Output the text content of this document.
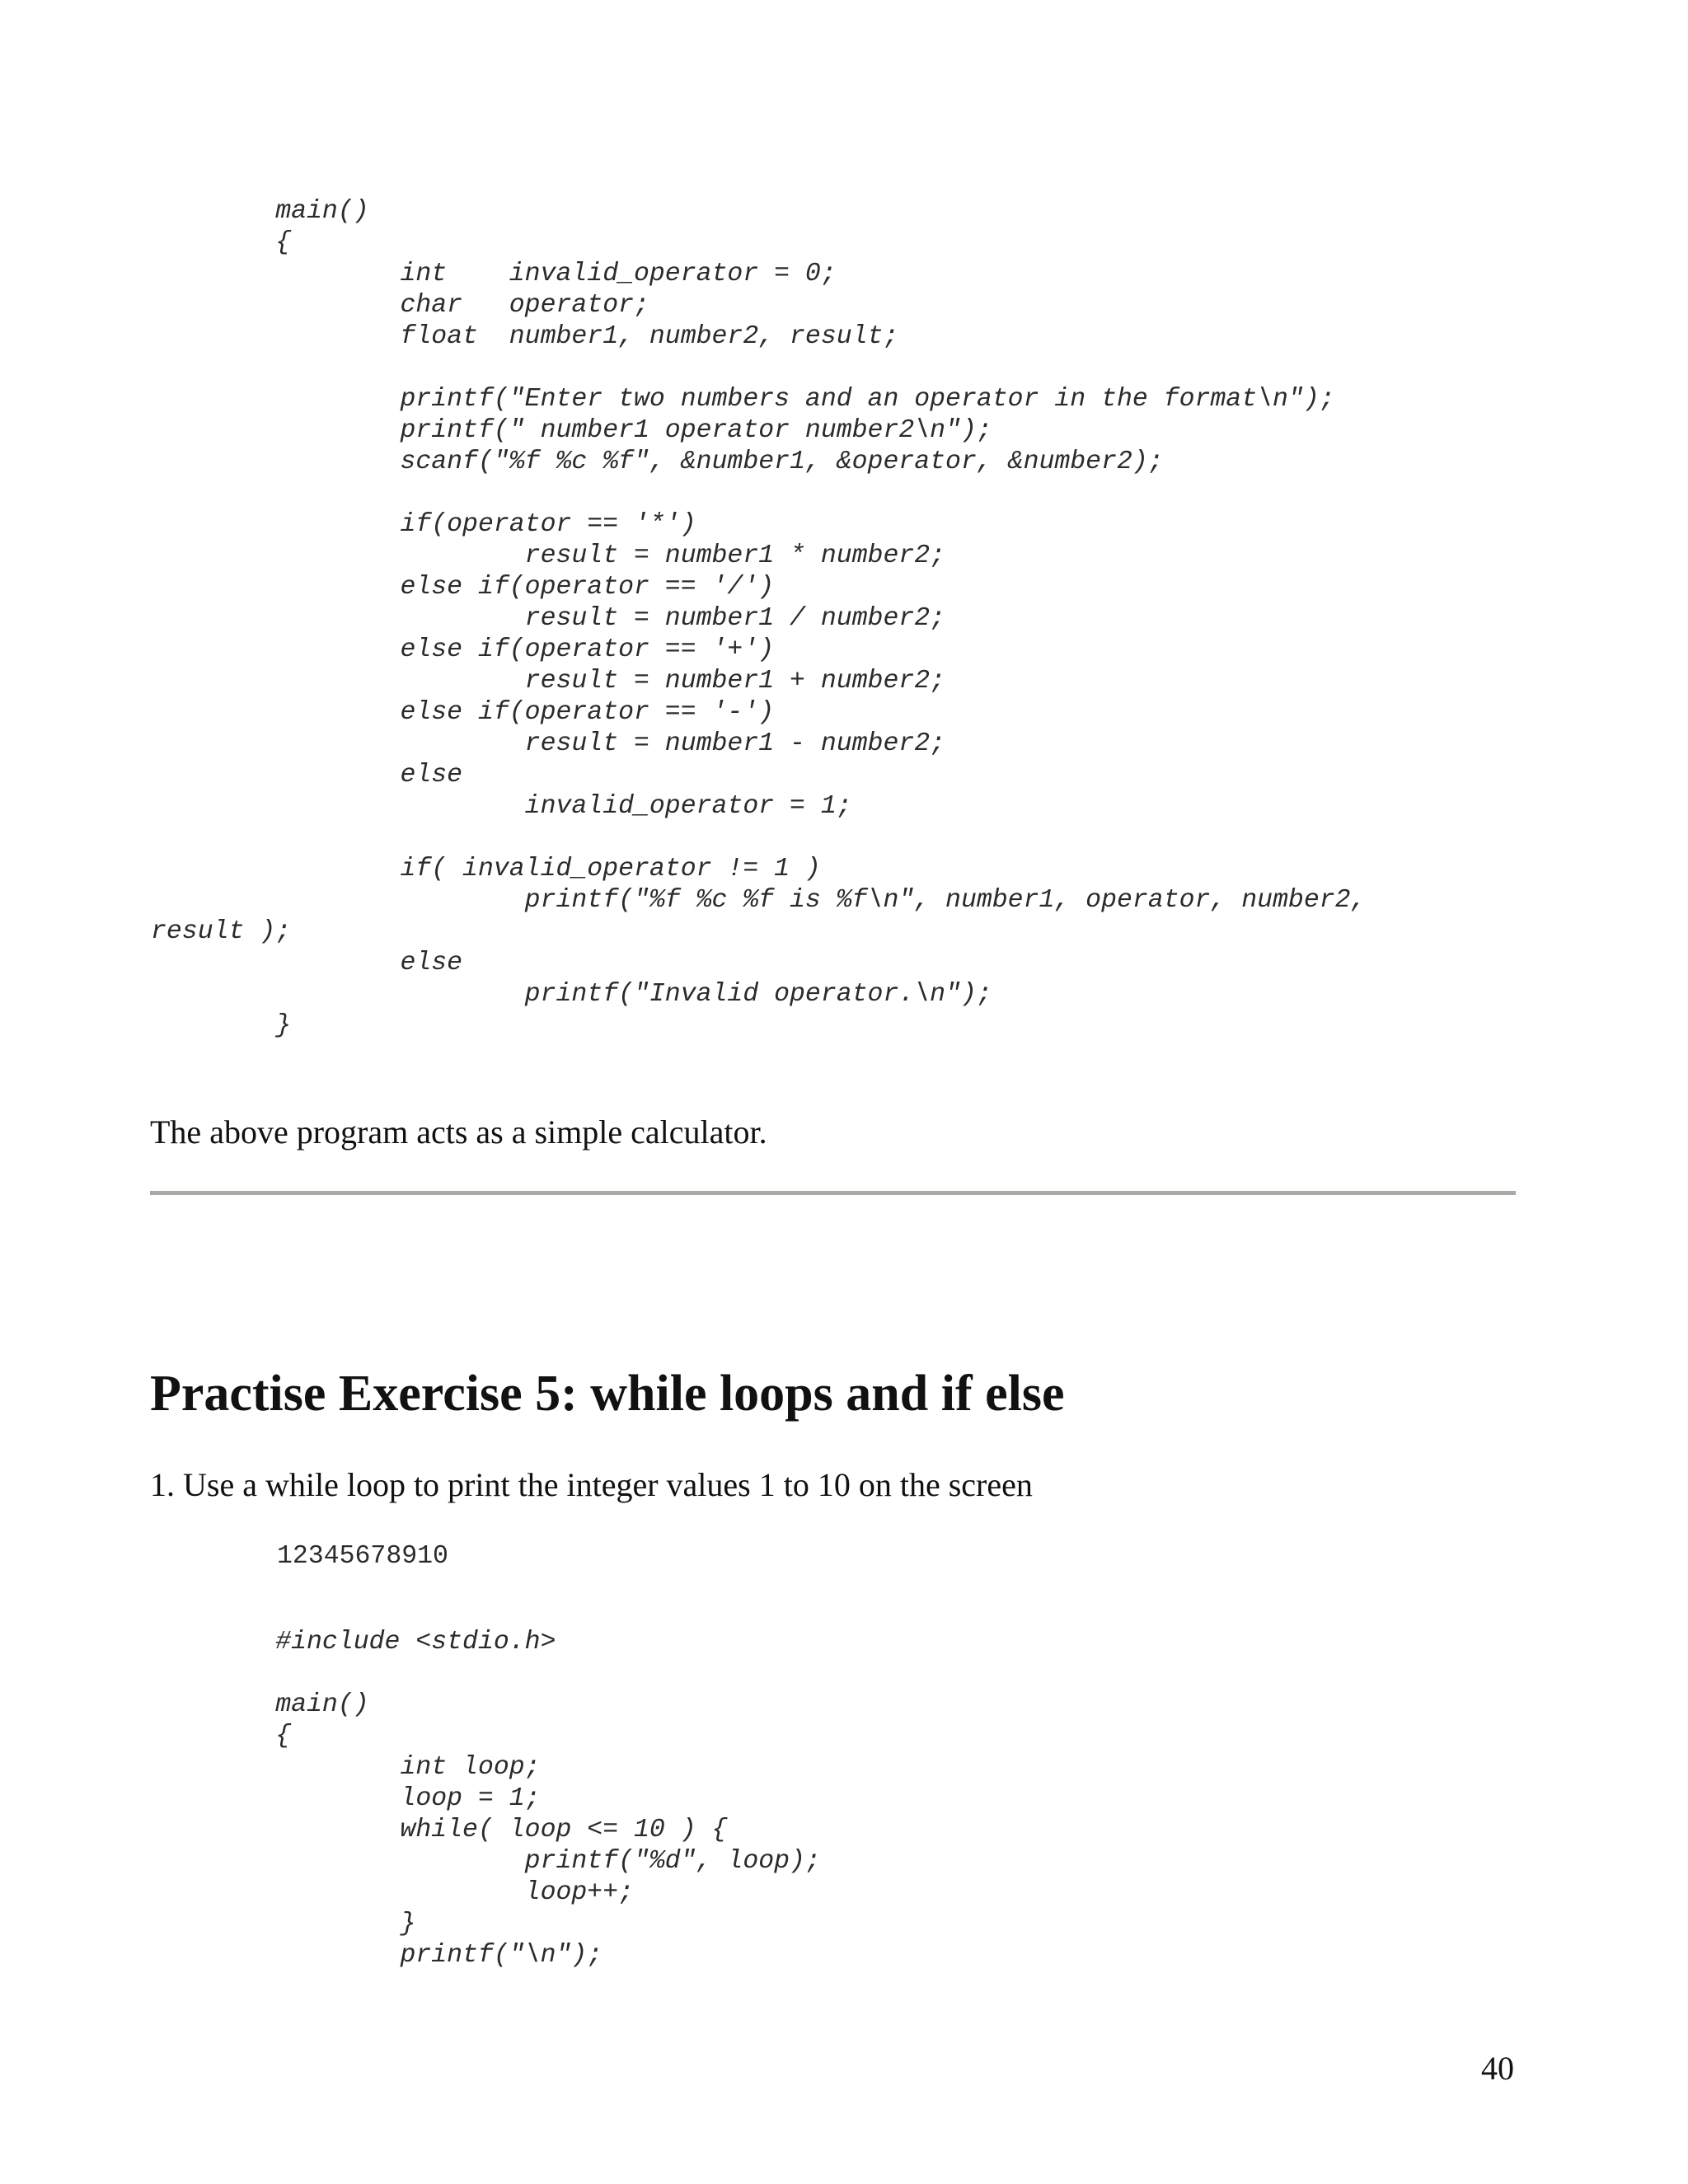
main()
{
int    invalid_operator = 0;
char   operator;
float  number1, number2, result;
printf("Enter two numbers and an operator in the format\n");
printf(" number1 operator number2\n");
scanf("%f %c %f", &number1, &operator, &number2);
if(operator == '*')
result = number1 * number2;
else if(operator == '/')
result = number1 / number2;
else if(operator == '+')
result = number1 + number2;
else if(operator == '-')
result = number1 - number2;
else
invalid_operator = 1;
if( invalid_operator != 1 )
printf("%f %c %f is %f\n", number1, operator, number2,
result );
else
printf("Invalid operator.\n");
}
The above program acts as a simple calculator.
Practise Exercise 5: while loops and if else
1. Use a while loop to print the integer values 1 to 10 on the screen
12345678910
#include <stdio.h>
main()
{
int loop;
loop = 1;
while( loop <= 10 ) {
printf("%d", loop);
loop++;
}
printf("\n");
40
